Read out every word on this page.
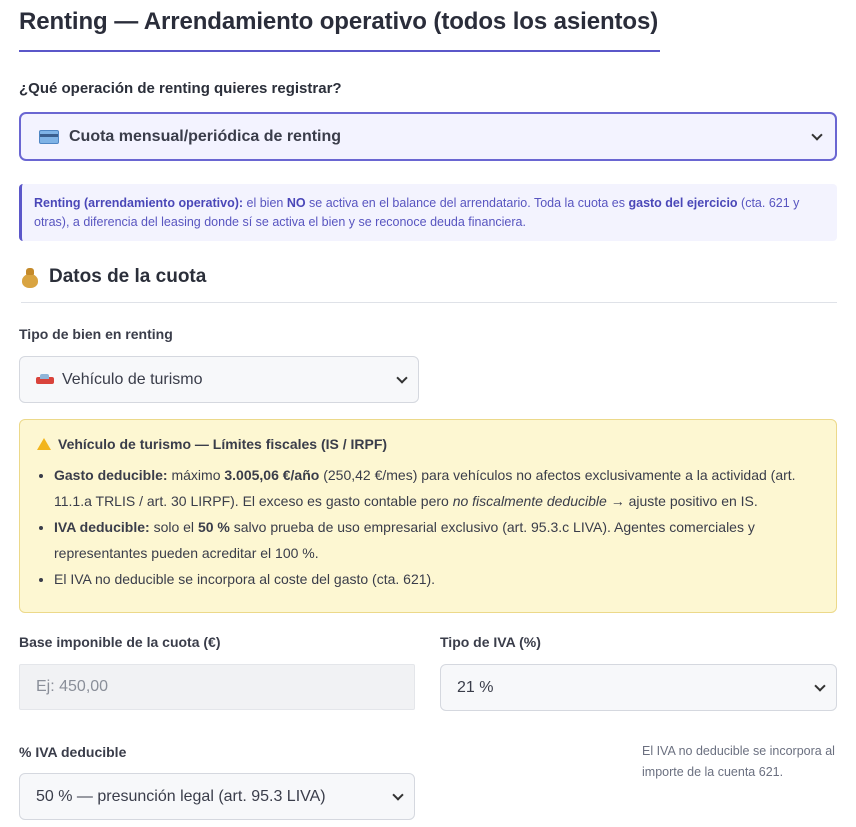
Renting — Arrendamiento operativo (todos los asientos)
¿Qué operación de renting quieres registrar?
Cuota mensual/periódica de renting
Renting (arrendamiento operativo): el bien NO se activa en el balance del arrendatario. Toda la cuota es gasto del ejercicio (cta. 621 y otras), a diferencia del leasing donde sí se activa el bien y se reconoce deuda financiera.
Datos de la cuota
Tipo de bien en renting
Vehículo de turismo
Vehículo de turismo — Límites fiscales (IS / IRPF)
• Gasto deducible: máximo 3.005,06 €/año (250,42 €/mes) para vehículos no afectos exclusivamente a la actividad (art. 11.1.a TRLIS / art. 30 LIRPF). El exceso es gasto contable pero no fiscalmente deducible → ajuste positivo en IS.
• IVA deducible: solo el 50 % salvo prueba de uso empresarial exclusivo (art. 95.3.c LIVA). Agentes comerciales y representantes pueden acreditar el 100 %.
• El IVA no deducible se incorpora al coste del gasto (cta. 621).
Base imponible de la cuota (€)
Ej: 450,00	Tipo de IVA (%)
21 %
% IVA deducible
50 % — presunción legal (art. 95.3 LIVA)
El IVA no deducible se incorpora al importe de la cuenta 621.
